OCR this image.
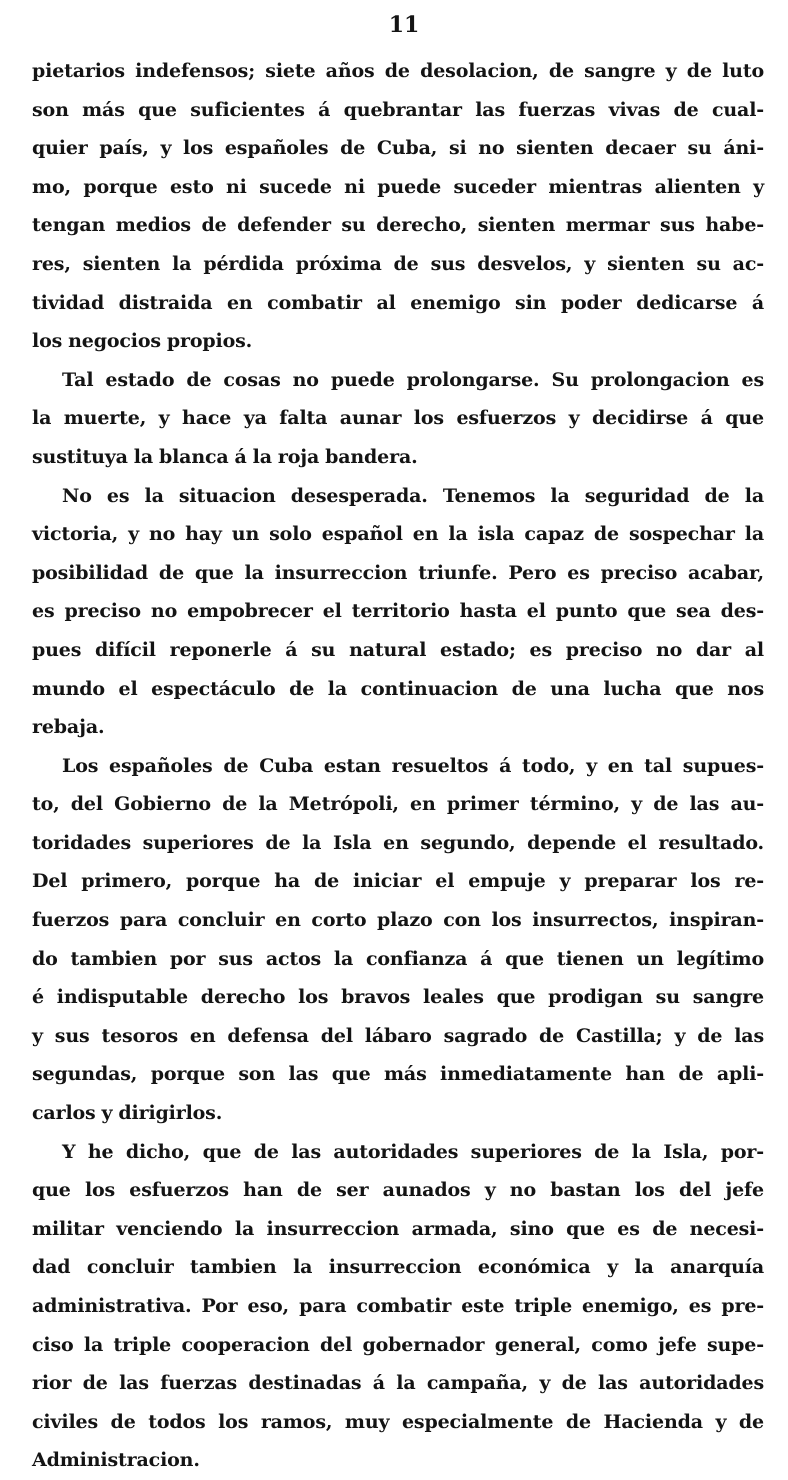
11
pietarios indefensos; siete años de desolacion, de sangre y de luto
son más que suficientes á quebrantar las fuerzas vivas de cual-
quier país, y los españoles de Cuba, si no sienten decaer su áni-
mo, porque esto ni sucede ni puede suceder mientras alienten y
tengan medios de defender su derecho, sienten mermar sus habe-
res, sienten la pérdida próxima de sus desvelos, y sienten su ac-
tividad distraida en combatir al enemigo sin poder dedicarse á
los negocios propios.
Tal estado de cosas no puede prolongarse. Su prolongacion es
la muerte, y hace ya falta aunar los esfuerzos y decidirse á que
sustituya la blanca á la roja bandera.
No es la situacion desesperada. Tenemos la seguridad de la
victoria, y no hay un solo español en la isla capaz de sospechar la
posibilidad de que la insurreccion triunfe. Pero es preciso acabar,
es preciso no empobrecer el territorio hasta el punto que sea des-
pues difícil reponerle á su natural estado; es preciso no dar al
mundo el espectáculo de la continuacion de una lucha que nos
rebaja.
Los españoles de Cuba estan resueltos á todo, y en tal supues-
to, del Gobierno de la Metrópoli, en primer término, y de las au-
toridades superiores de la Isla en segundo, depende el resultado.
Del primero, porque ha de iniciar el empuje y preparar los re-
fuerzos para concluir en corto plazo con los insurrectos, inspiran-
do tambien por sus actos la confianza á que tienen un legítimo
é indisputable derecho los bravos leales que prodigan su sangre
y sus tesoros en defensa del lábaro sagrado de Castilla; y de las
segundas, porque son las que más inmediatamente han de apli-
carlos y dirigirlos.
Y he dicho, que de las autoridades superiores de la Isla, por-
que los esfuerzos han de ser aunados y no bastan los del jefe
militar venciendo la insurreccion armada, sino que es de necesi-
dad concluir tambien la insurreccion económica y la anarquía
administrativa. Por eso, para combatir este triple enemigo, es pre-
ciso la triple cooperacion del gobernador general, como jefe supe-
rior de las fuerzas destinadas á la campaña, y de las autoridades
civiles de todos los ramos, muy especialmente de Hacienda y de
Administracion.
